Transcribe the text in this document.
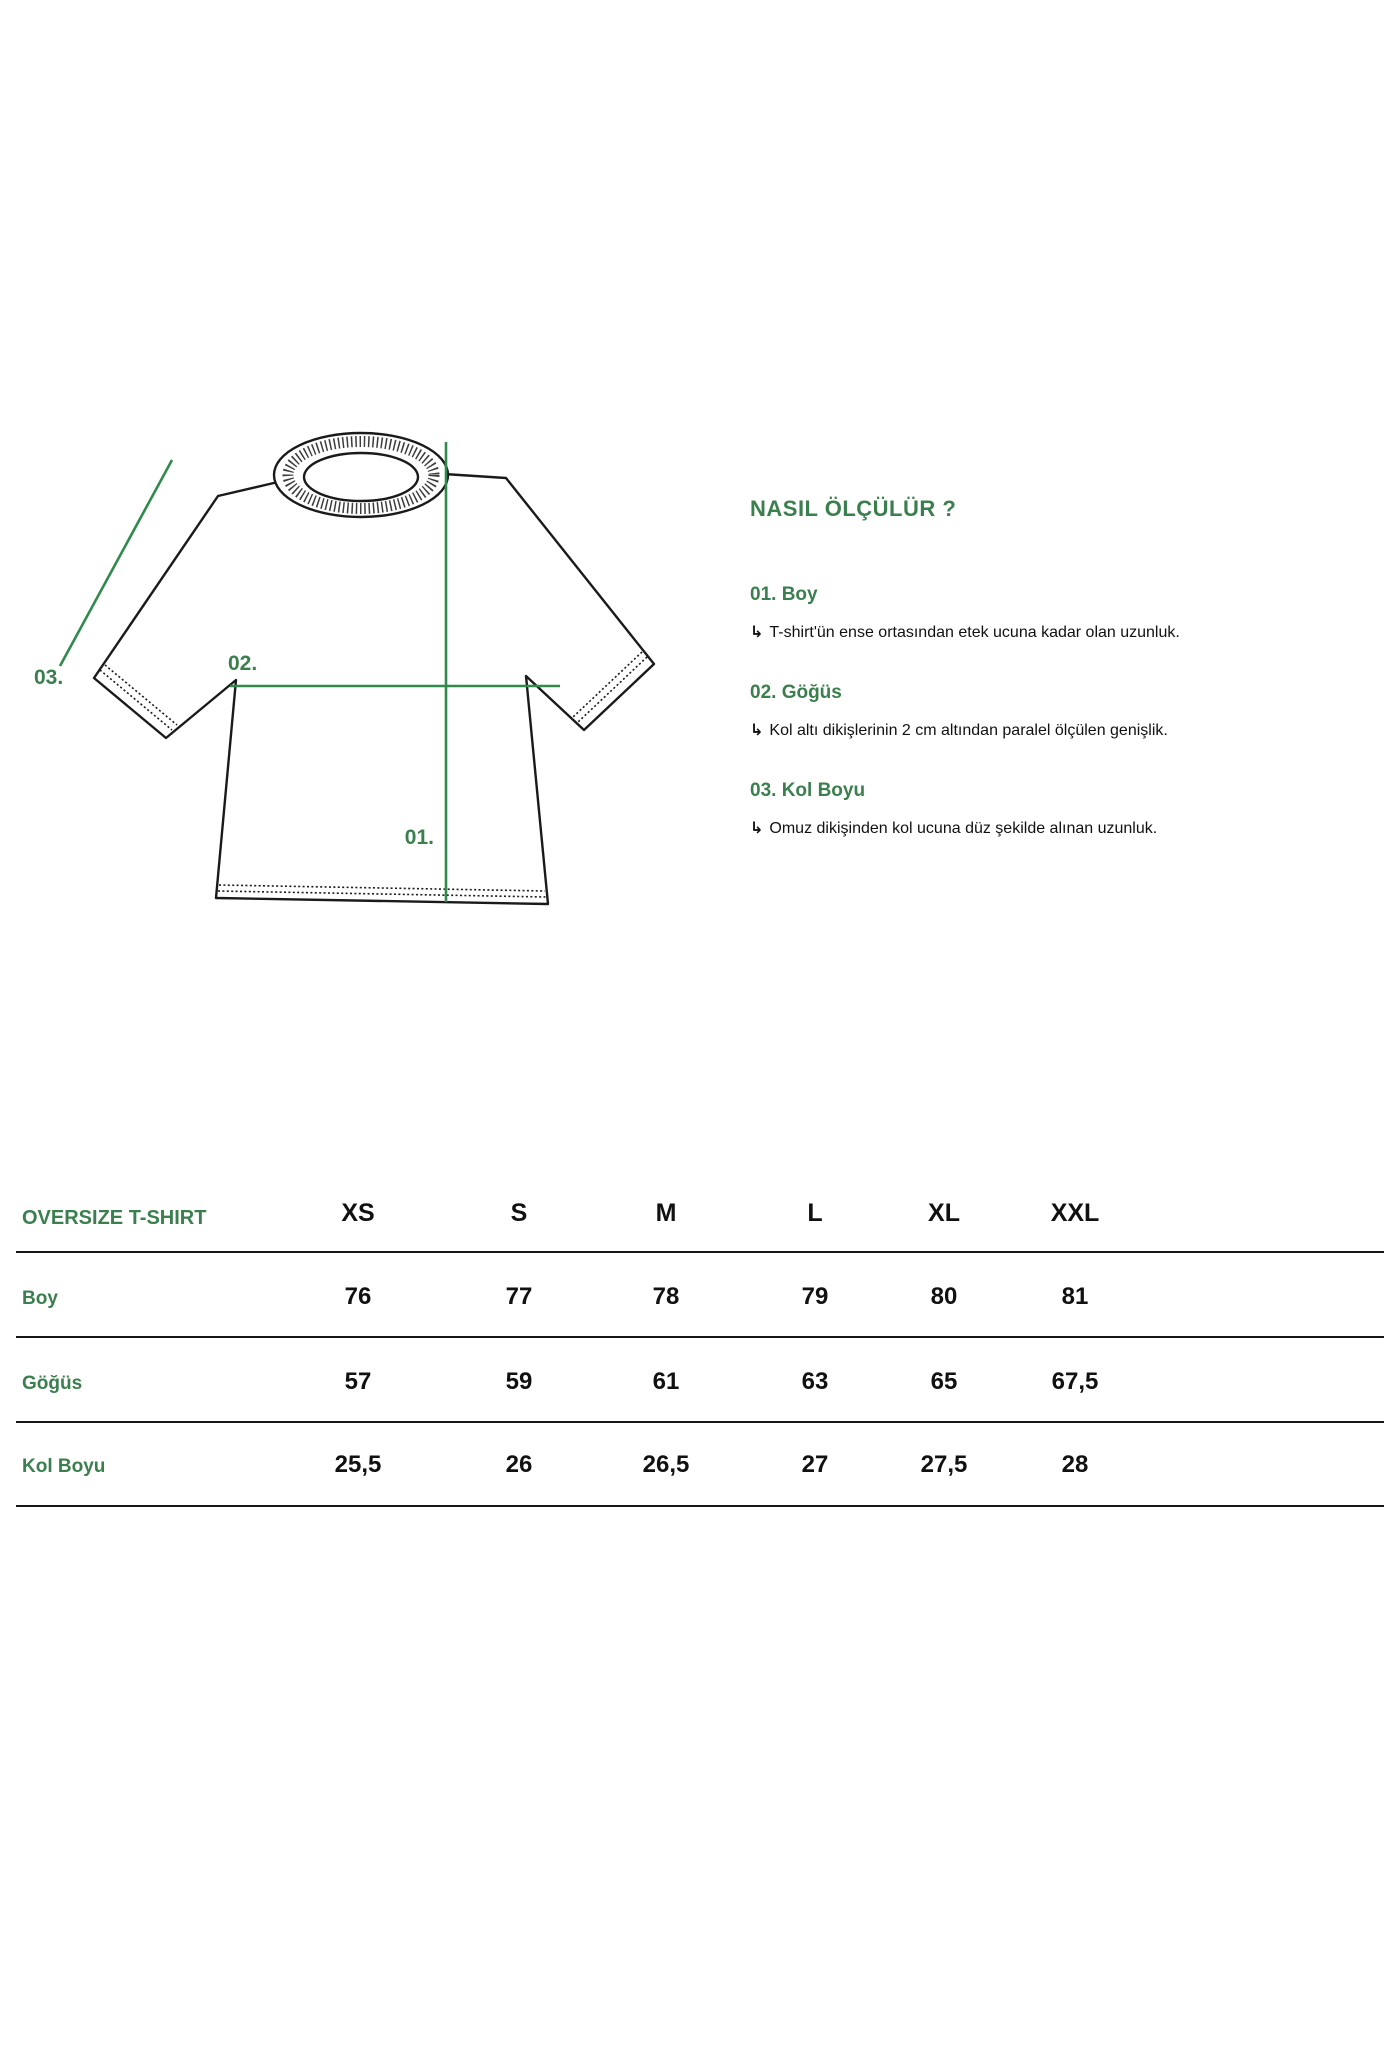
03.
02.
01.
NASIL ÖLÇÜLÜR ?
01. Boy
↳ T-shirt'ün ense ortasından etek ucuna kadar olan uzunluk.
02. Göğüs
↳ Kol altı dikişlerinin 2 cm altından paralel ölçülen genişlik.
03. Kol Boyu
↳ Omuz dikişinden kol ucuna düz şekilde alınan uzunluk.
OVERSIZE T-SHIRT	XS	S	M	L	XL	XXL
Boy	76	77	78	79	80	81
Göğüs	57	59	61	63	65	67,5
Kol Boyu	25,5	26	26,5	27	27,5	28
